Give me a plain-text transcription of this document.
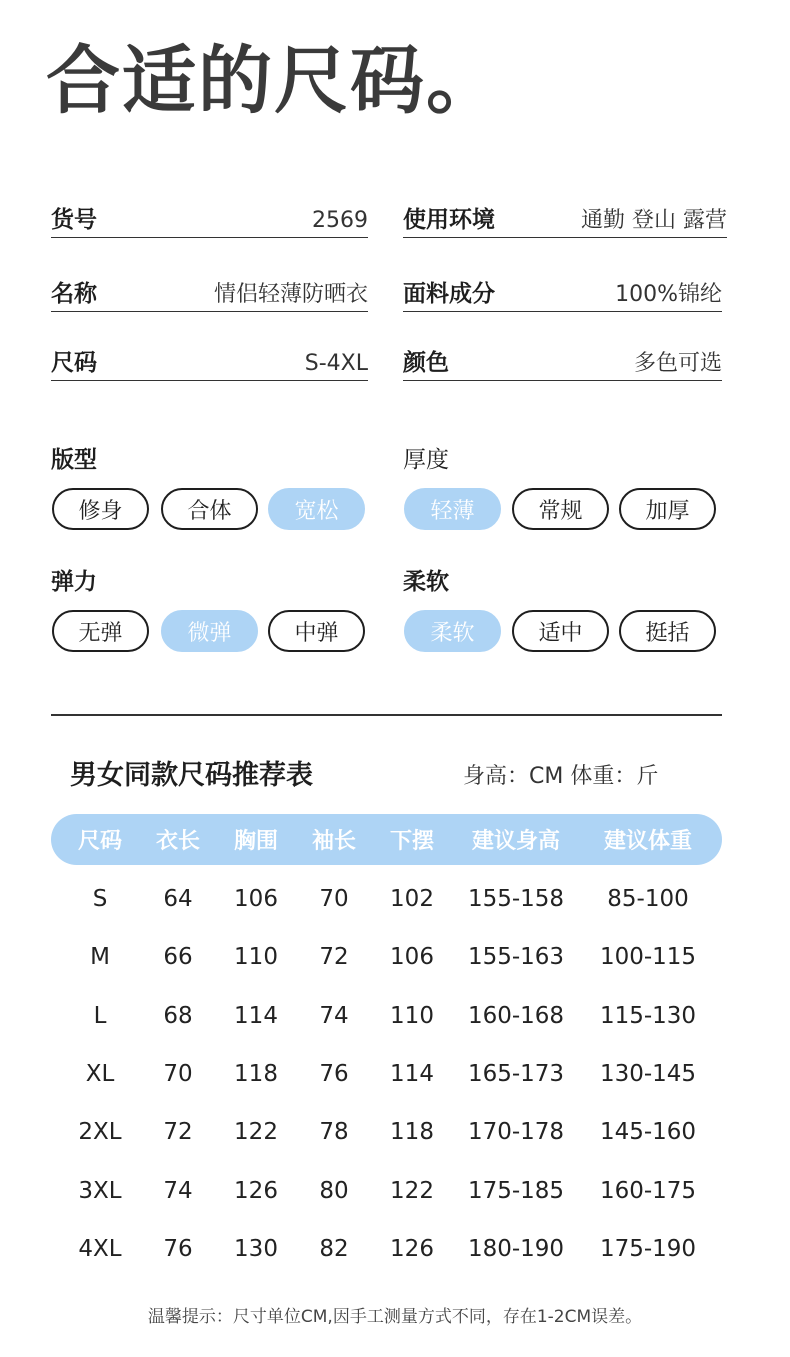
合适的尺码。
货号	2569 使用环境	通勤 登山 露营
名称	情侣轻薄防晒衣 面料成分	100%锦纶
尺码	S-4XL 颜色	多色可选
版型
修身	合体	宽松
厚度
轻薄	常规	加厚
弹力
无弹	微弹	中弹
柔软
柔软	适中	挺括
男女同款尺码推荐表	身高：CM 体重：斤
尺码	衣长	胸围	袖长	下摆	建议身高	建议体重
S	64	106	70	102	155-158	85-100
M	66	110	72	106	155-163	100-115
L	68	114	74	110	160-168	115-130
XL	70	118	76	114	165-173	130-145
2XL	72	122	78	118	170-178	145-160
3XL	74	126	80	122	175-185	160-175
4XL	76	130	82	126	180-190	175-190
温馨提示：尺寸单位CM,因手工测量方式不同，存在1-2CM误差。
